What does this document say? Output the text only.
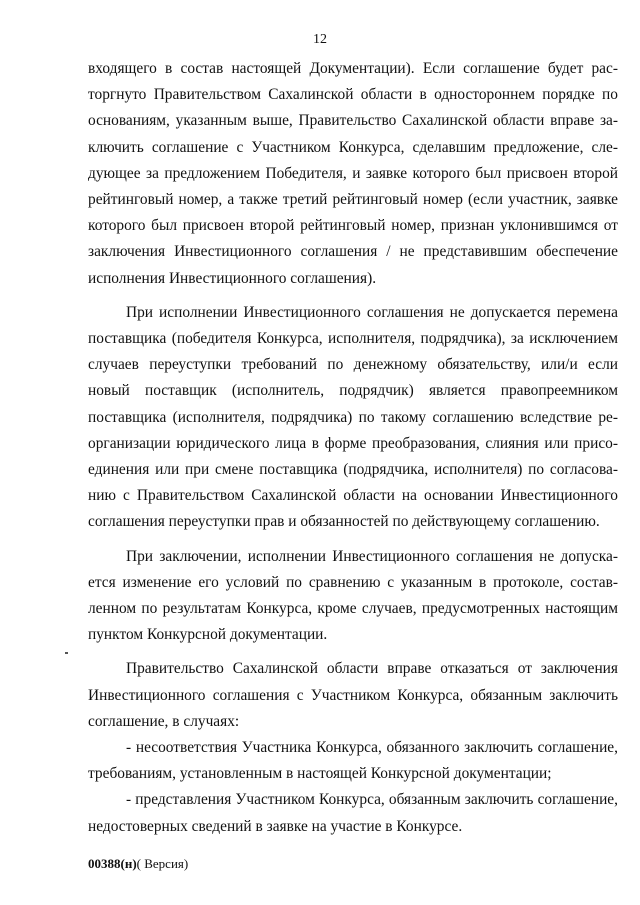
12

входящего в состав настоящей Документации). Если соглашение будет расторгнуто Правительством Сахалинской области в одностороннем порядке по основаниям, указанным выше, Правительство Сахалинской области вправе заключить соглашение с Участником Конкурса, сделавшим предложение, следующее за предложением Победителя, и заявке которого был присвоен второй рейтинговый номер, а также третий рейтинговый номер (если участник, заявке которого был присвоен второй рейтинговый номер, признан уклонившимся от заключения Инвестиционного соглашения / не представившим обеспечение исполнения Инвестиционного соглашения).

При исполнении Инвестиционного соглашения не допускается перемена поставщика (победителя Конкурса, исполнителя, подрядчика), за исключением случаев переуступки требований по денежному обязательству, или/и если новый поставщик (исполнитель, подрядчик) является правопреемником поставщика (исполнителя, подрядчика) по такому соглашению вследствие реорганизации юридического лица в форме преобразования, слияния или присоединения или при смене поставщика (подрядчика, исполнителя) по согласованию с Правительством Сахалинской области на основании Инвестиционного соглашения переуступки прав и обязанностей по действующему соглашению.

При заключении, исполнении Инвестиционного соглашения не допускается изменение его условий по сравнению с указанным в протоколе, составленном по результатам Конкурса, кроме случаев, предусмотренных настоящим пунктом Конкурсной документации.

Правительство Сахалинской области вправе отказаться от заключения Инвестиционного соглашения с Участником Конкурса, обязанным заключить соглашение, в случаях:

- несоответствия Участника Конкурса, обязанного заключить соглашение, требованиям, установленным в настоящей Конкурсной документации;

- представления Участником Конкурса, обязанным заключить соглашение, недостоверных сведений в заявке на участие в Конкурсе.

00388(н)( Версия)
